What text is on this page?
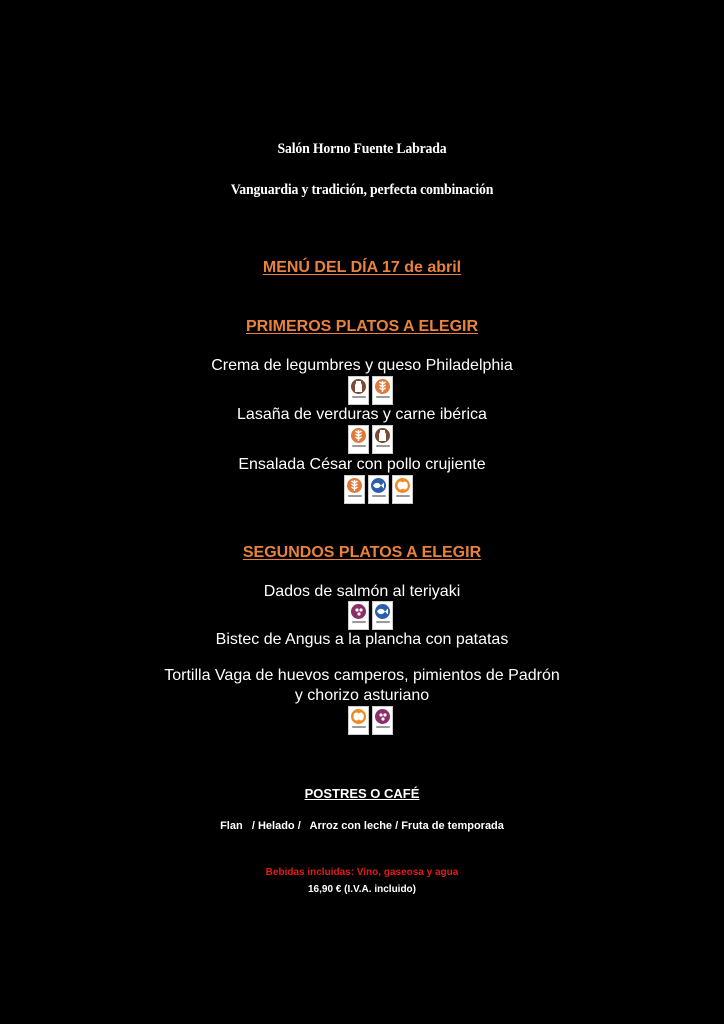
Salón Horno Fuente Labrada
Vanguardia y tradición, perfecta combinación
MENÚ DEL DÍA 17 de abril
PRIMEROS PLATOS A ELEGIR
Crema de legumbres y queso Philadelphia
Lasaña de verduras y carne ibérica
Ensalada César con pollo crujiente
SEGUNDOS PLATOS A ELEGIR
Dados de salmón al teriyaki
Bistec de Angus a la plancha con patatas
Tortilla Vaga de huevos camperos, pimientos de Padrón
y chorizo asturiano
POSTRES O CAFÉ
Flan   / Helado /   Arroz con leche / Fruta de temporada
Bebidas incluidas: Vino, gaseosa y agua
16,90 € (I.V.A. incluido)
